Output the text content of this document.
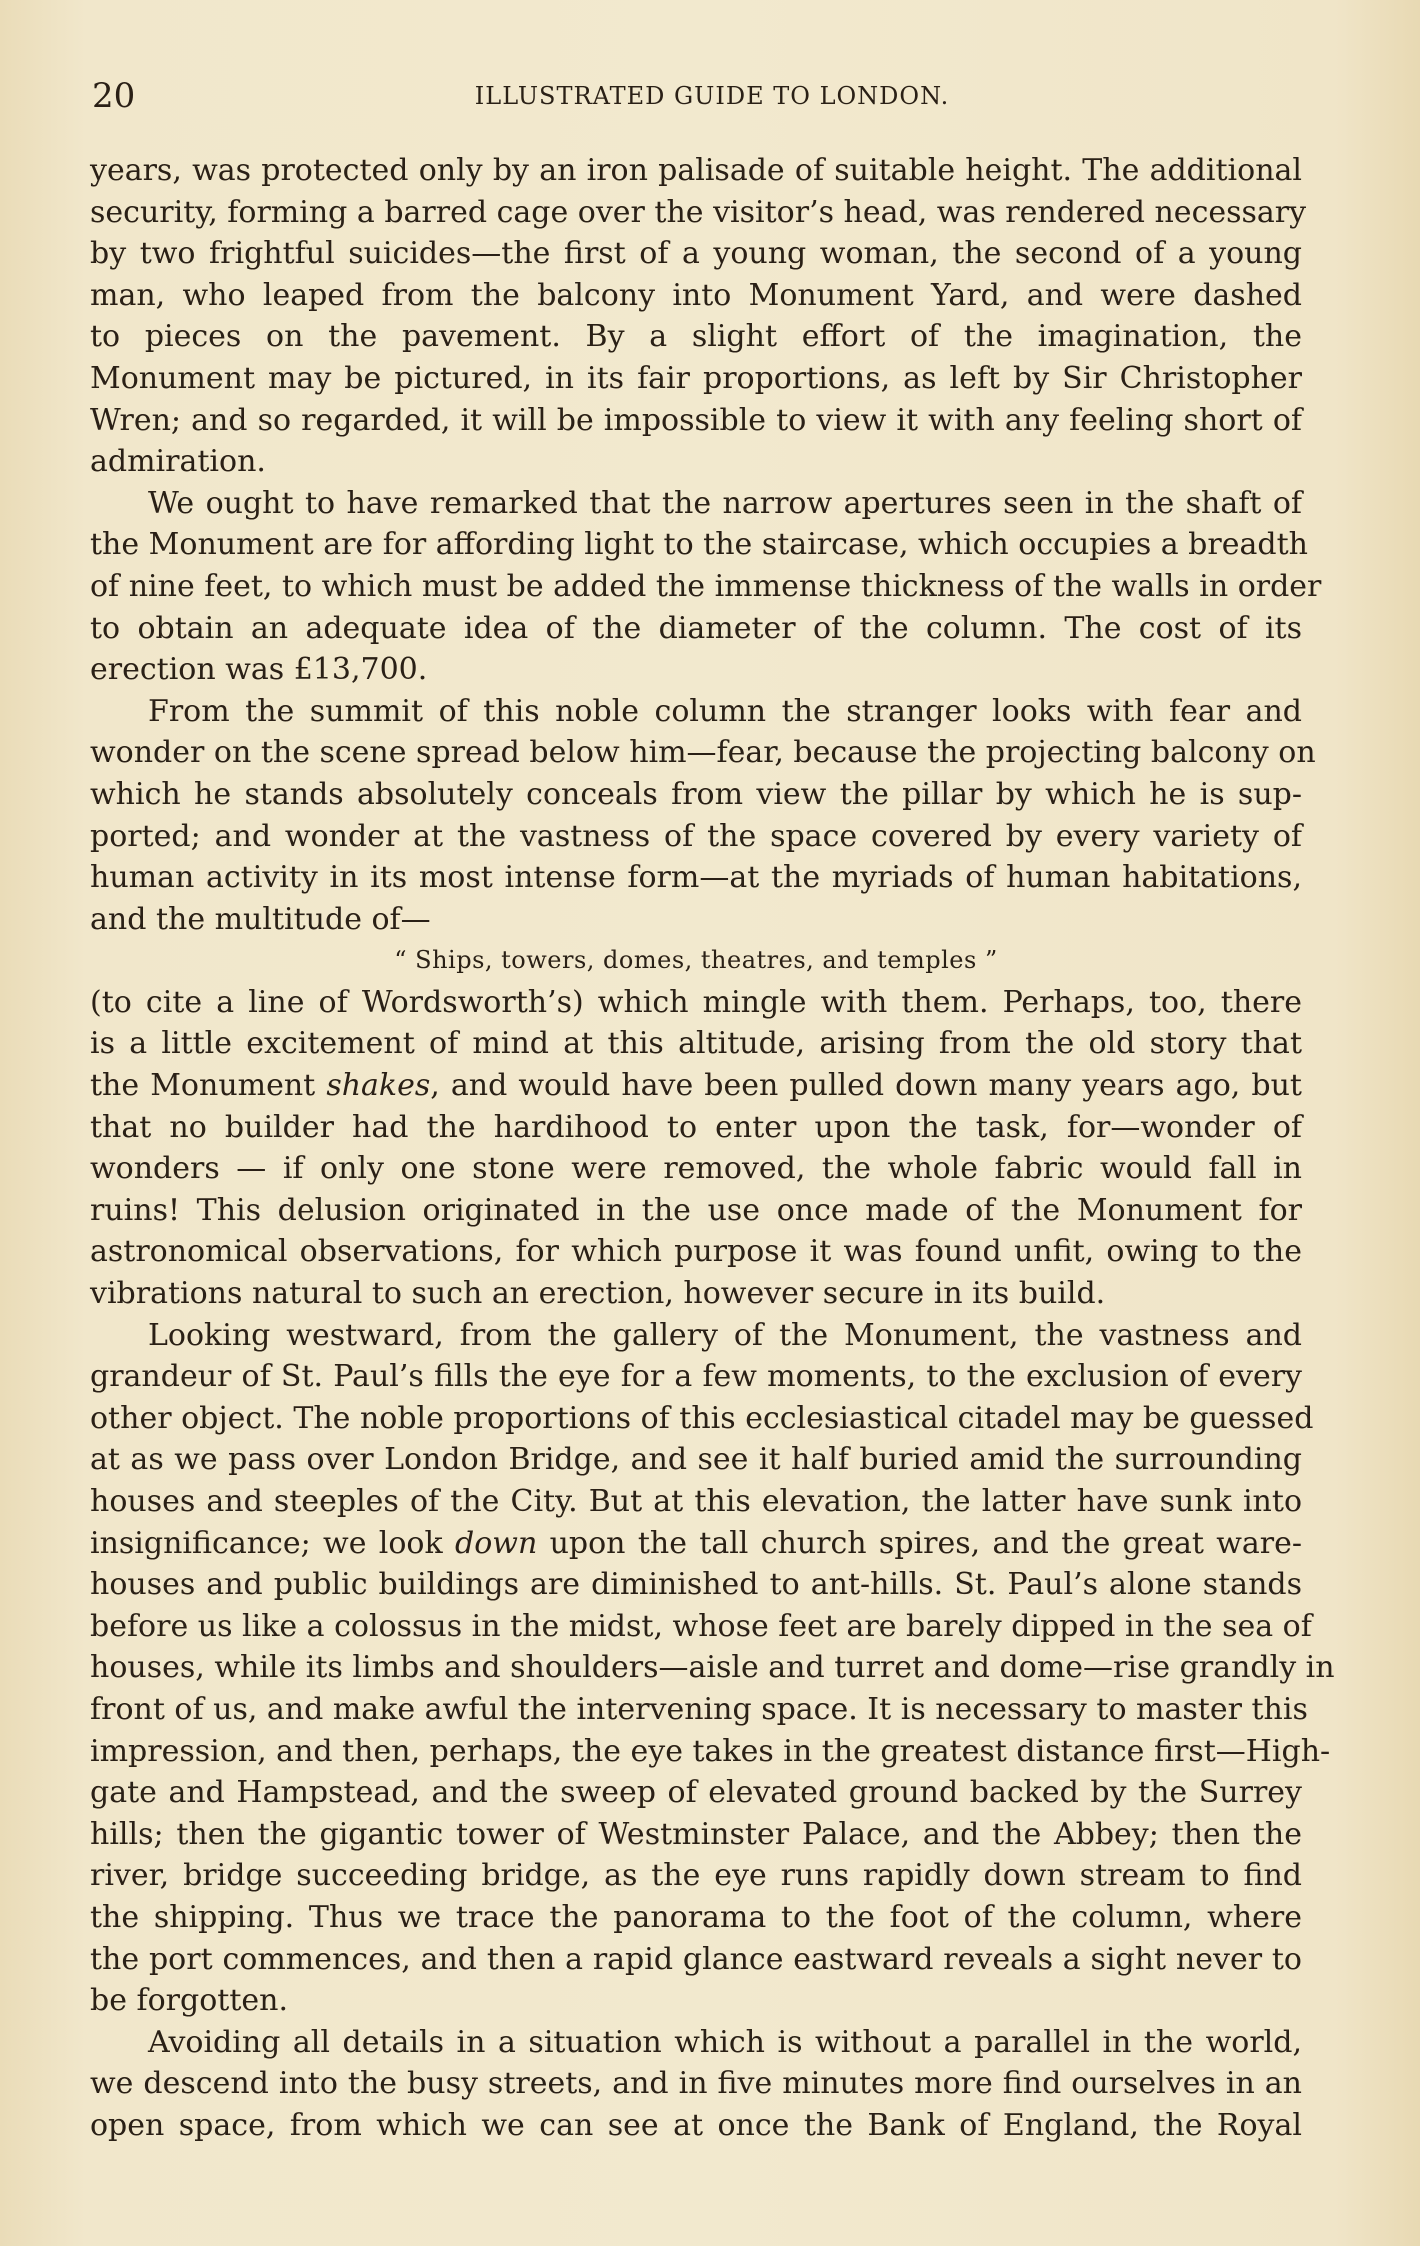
20	ILLUSTRATED GUIDE TO LONDON.
years, was protected only by an iron palisade of suitable height. The additional
security, forming a barred cage over the visitor’s head, was rendered necessary
by two frightful suicides—the first of a young woman, the second of a young
man, who leaped from the balcony into Monument Yard, and were dashed
to pieces on the pavement. By a slight effort of the imagination, the
Monument may be pictured, in its fair proportions, as left by Sir Christopher
Wren; and so regarded, it will be impossible to view it with any feeling short of
admiration.
We ought to have remarked that the narrow apertures seen in the shaft of
the Monument are for affording light to the staircase, which occupies a breadth
of nine feet, to which must be added the immense thickness of the walls in order
to obtain an adequate idea of the diameter of the column. The cost of its
erection was £13,700.
From the summit of this noble column the stranger looks with fear and
wonder on the scene spread below him—fear, because the projecting balcony on
which he stands absolutely conceals from view the pillar by which he is sup-
ported; and wonder at the vastness of the space covered by every variety of
human activity in its most intense form—at the myriads of human habitations,
and the multitude of—
“ Ships, towers, domes, theatres, and temples ”
(to cite a line of Wordsworth’s) which mingle with them. Perhaps, too, there
is a little excitement of mind at this altitude, arising from the old story that
the Monument shakes, and would have been pulled down many years ago, but
that no builder had the hardihood to enter upon the task, for—wonder of
wonders — if only one stone were removed, the whole fabric would fall in
ruins! This delusion originated in the use once made of the Monument for
astronomical observations, for which purpose it was found unfit, owing to the
vibrations natural to such an erection, however secure in its build.
Looking westward, from the gallery of the Monument, the vastness and
grandeur of St. Paul’s fills the eye for a few moments, to the exclusion of every
other object. The noble proportions of this ecclesiastical citadel may be guessed
at as we pass over London Bridge, and see it half buried amid the surrounding
houses and steeples of the City. But at this elevation, the latter have sunk into
insignificance; we look down upon the tall church spires, and the great ware-
houses and public buildings are diminished to ant-hills. St. Paul’s alone stands
before us like a colossus in the midst, whose feet are barely dipped in the sea of
houses, while its limbs and shoulders—aisle and turret and dome—rise grandly in
front of us, and make awful the intervening space. It is necessary to master this
impression, and then, perhaps, the eye takes in the greatest distance first—High-
gate and Hampstead, and the sweep of elevated ground backed by the Surrey
hills; then the gigantic tower of Westminster Palace, and the Abbey; then the
river, bridge succeeding bridge, as the eye runs rapidly down stream to find
the shipping. Thus we trace the panorama to the foot of the column, where
the port commences, and then a rapid glance eastward reveals a sight never to
be forgotten.
Avoiding all details in a situation which is without a parallel in the world,
we descend into the busy streets, and in five minutes more find ourselves in an
open space, from which we can see at once the Bank of England, the Royal
